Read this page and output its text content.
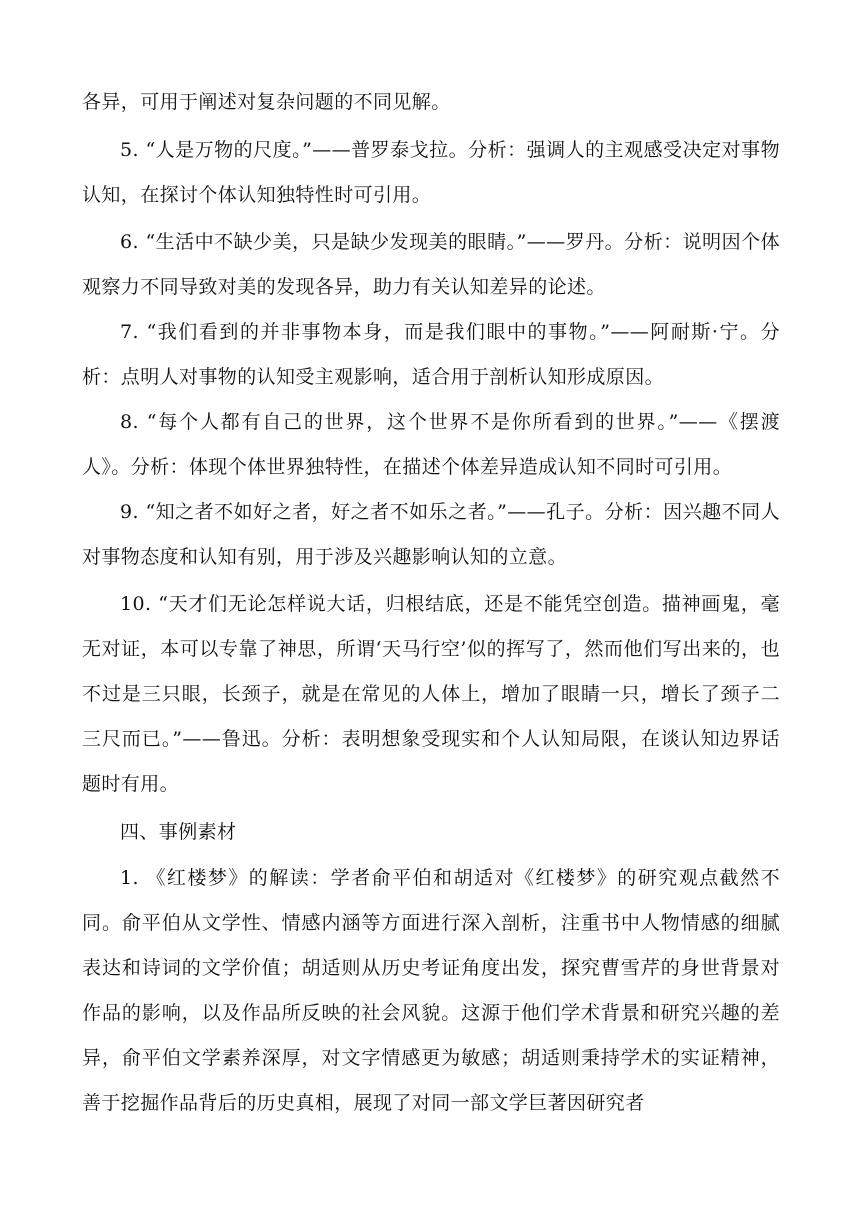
各异，可用于阐述对复杂问题的不同见解。

5. “人是万物的尺度。”——普罗泰戈拉。分析：强调人的主观感受决定对事物认知，在探讨个体认知独特性时可引用。

6. “生活中不缺少美，只是缺少发现美的眼睛。”——罗丹。分析：说明因个体观察力不同导致对美的发现各异，助力有关认知差异的论述。

7. “我们看到的并非事物本身，而是我们眼中的事物。”——阿耐斯·宁。分析：点明人对事物的认知受主观影响，适合用于剖析认知形成原因。

8. “每个人都有自己的世界，这个世界不是你所看到的世界。”——《摆渡人》。分析：体现个体世界独特性，在描述个体差异造成认知不同时可引用。

9. “知之者不如好之者，好之者不如乐之者。”——孔子。分析：因兴趣不同人对事物态度和认知有别，用于涉及兴趣影响认知的立意。

10. “天才们无论怎样说大话，归根结底，还是不能凭空创造。描神画鬼，毫无对证，本可以专靠了神思，所谓‘天马行空’似的挥写了，然而他们写出来的，也不过是三只眼，长颈子，就是在常见的人体上，增加了眼睛一只，增长了颈子二三尺而已。”——鲁迅。分析：表明想象受现实和个人认知局限，在谈认知边界话题时有用。

四、事例素材

1. 《红楼梦》的解读：学者俞平伯和胡适对《红楼梦》的研究观点截然不同。俞平伯从文学性、情感内涵等方面进行深入剖析，注重书中人物情感的细腻表达和诗词的文学价值；胡适则从历史考证角度出发，探究曹雪芹的身世背景对作品的影响，以及作品所反映的社会风貌。这源于他们学术背景和研究兴趣的差异，俞平伯文学素养深厚，对文字情感更为敏感；胡适则秉持学术的实证精神，善于挖掘作品背后的历史真相，展现了对同一部文学巨著因研究者
